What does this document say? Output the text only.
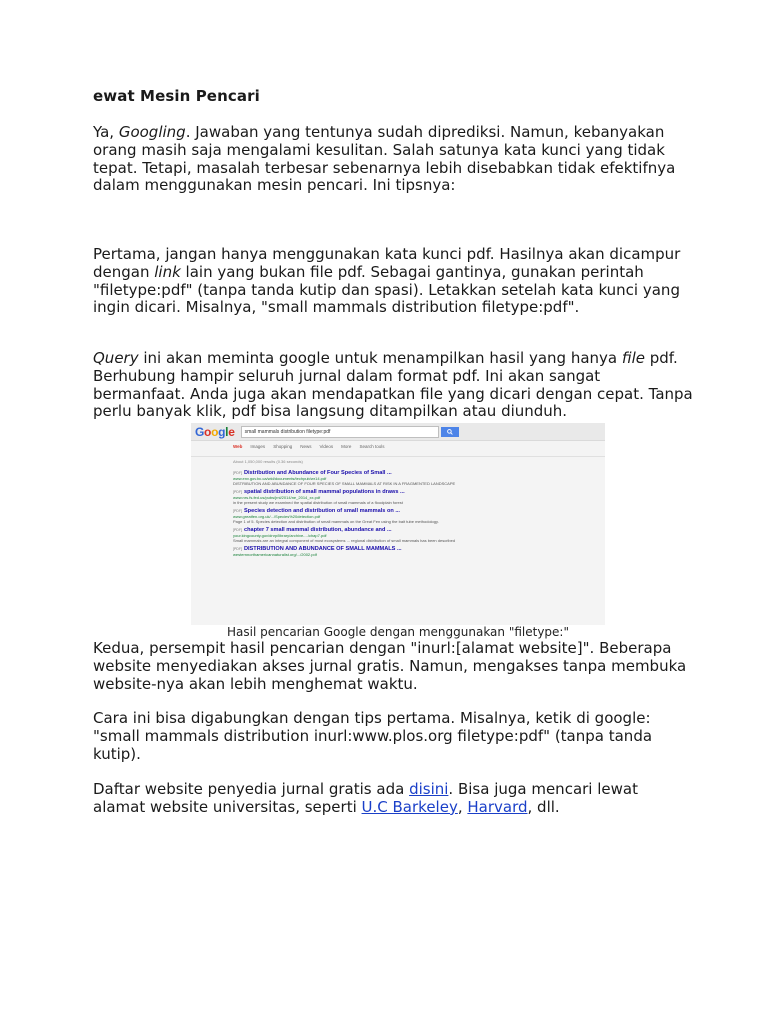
ewat Mesin Pencari

Ya, Googling. Jawaban yang tentunya sudah diprediksi. Namun, kebanyakan orang masih saja mengalami kesulitan. Salah satunya kata kunci yang tidak tepat. Tetapi, masalah terbesar sebenarnya lebih disebabkan tidak efektifnya dalam menggunakan mesin pencari. Ini tipsnya:

Pertama, jangan hanya menggunakan kata kunci pdf. Hasilnya akan dicampur dengan link lain yang bukan file pdf. Sebagai gantinya, gunakan perintah "filetype:pdf" (tanpa tanda kutip dan spasi). Letakkan setelah kata kunci yang ingin dicari. Misalnya, "small mammals distribution filetype:pdf".

Query ini akan meminta google untuk menampilkan hasil yang hanya file pdf. Berhubung hampir seluruh jurnal dalam format pdf. Ini akan sangat bermanfaat. Anda juga akan mendapatkan file yang dicari dengan cepat. Tanpa perlu banyak klik, pdf bisa langsung ditampilkan atau diunduh.

Google	small mammals distribution filetype:pdf
Web Images Shopping News Videos More Search tools
About 1,050,000 results (0.36 seconds)
[PDF] Distribution and Abundance of Four Species of Small ...
www.env.gov.bc.ca/wld/documents/techpub/wr14.pdf
DISTRIBUTION AND ABUNDANCE OF FOUR SPECIES OF SMALL MAMMALS AT RISK IN A FRAGMENTED LANDSCAPE
[PDF] spatial distribution of small mammal populations in draws ...
www.nrs.fs.fed.us/pubs/jrnl/2014/ne_2014_xx.pdf
in the present study we examined the spatial distribution of small mammals of a floodplain forest
[PDF] Species detection and distribution of small mammals on ...
www.greatfen.org.uk/.../Species%20detection.pdf
Page 1 of 5. Species detection and distribution of small mammals on the Great Fen using the bait tube methodology.
[PDF] chapter 7 small mammal distribution, abundance and ...
your.kingcounty.gov/dnrp/library/archive-.../chap7.pdf
Small mammals are an integral component of most ecosystems ... regional distribution of small mammals has been described
[PDF] DISTRIBUTION AND ABUNDANCE OF SMALL MAMMALS ...
westernnorthamericannaturalist.org/.../2002.pdf
Hasil pencarian Google dengan menggunakan "filetype:"

Kedua, persempit hasil pencarian dengan "inurl:[alamat website]". Beberapa website menyediakan akses jurnal gratis. Namun, mengakses tanpa membuka website-nya akan lebih menghemat waktu.

Cara ini bisa digabungkan dengan tips pertama. Misalnya, ketik di google: "small mammals distribution inurl:www.plos.org filetype:pdf" (tanpa tanda kutip).

Daftar website penyedia jurnal gratis ada disini. Bisa juga mencari lewat alamat website universitas, seperti U.C Barkeley, Harvard, dll.
